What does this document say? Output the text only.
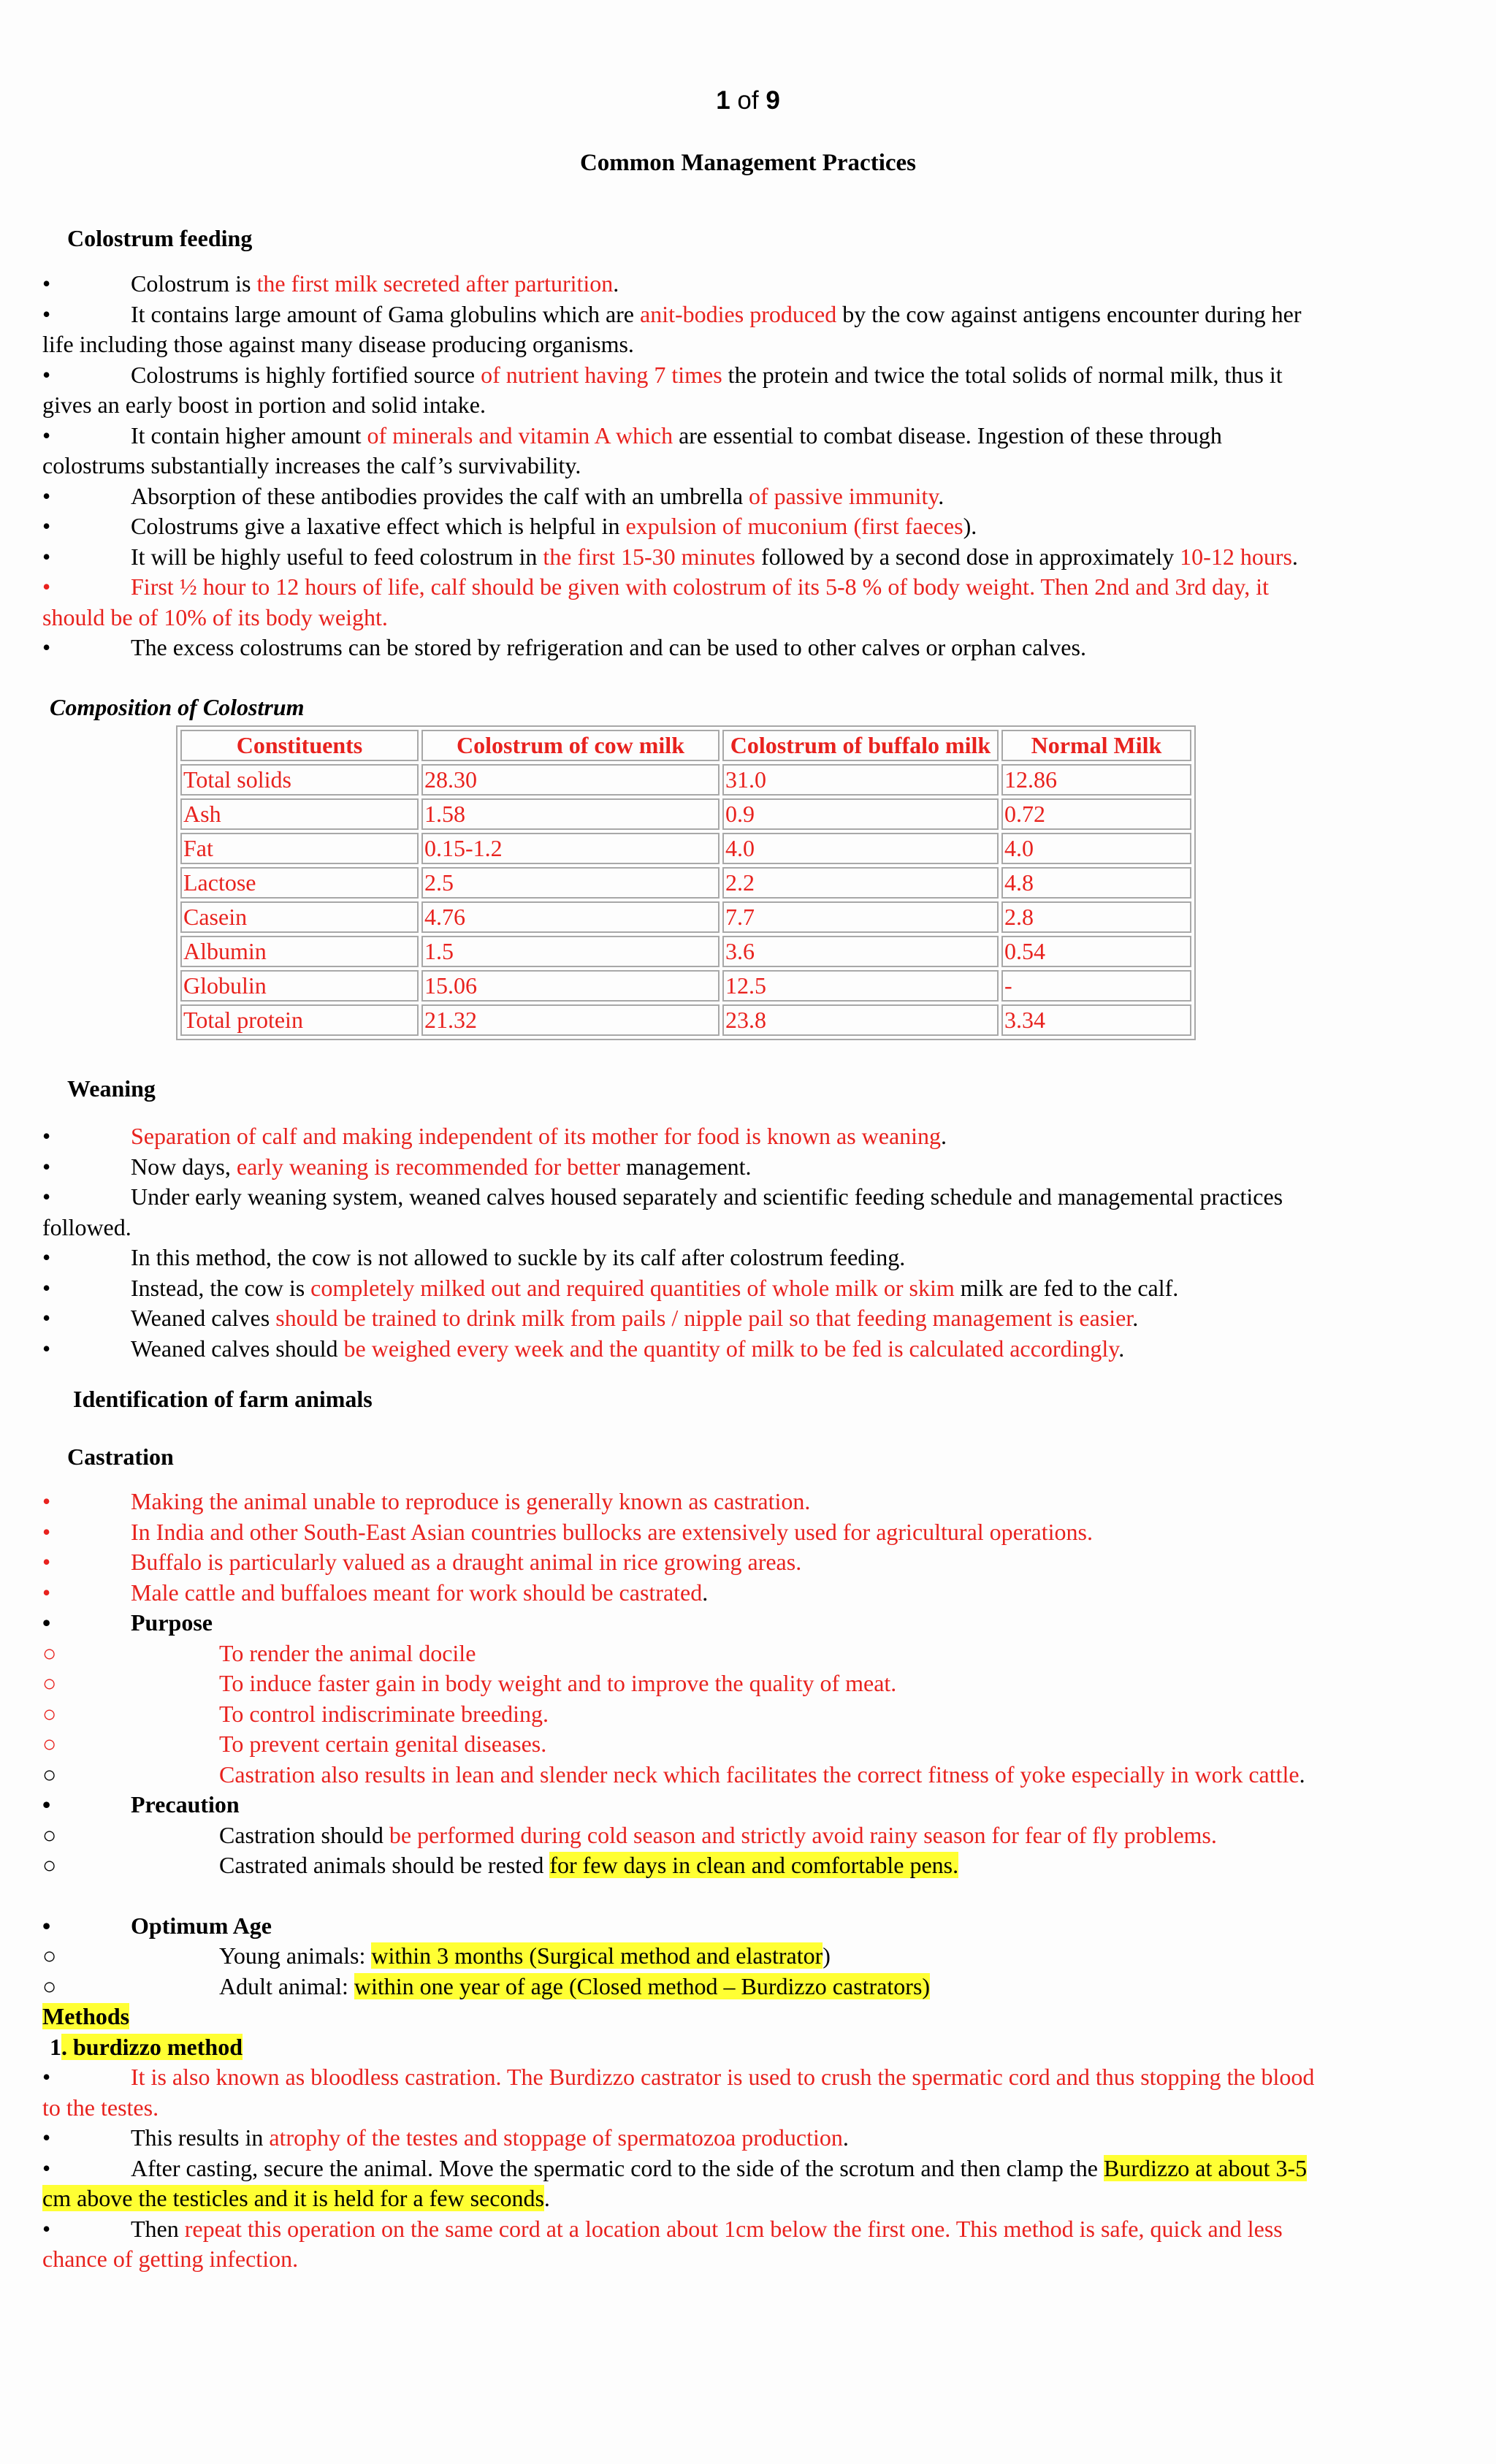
1 of 9
Common Management Practices
Colostrum feeding
•	Colostrum is the first milk secreted after parturition.
•	It contains large amount of Gama globulins which are anit-bodies produced by the cow against antigens encounter during her life including those against many disease producing organisms.
•	Colostrums is highly fortified source of nutrient having 7 times the protein and twice the total solids of normal milk, thus it gives an early boost in portion and solid intake.
•	It contain higher amount of minerals and vitamin A which are essential to combat disease. Ingestion of these through colostrums substantially increases the calf’s survivability.
•	Absorption of these antibodies provides the calf with an umbrella of passive immunity.
•	Colostrums give a laxative effect which is helpful in expulsion of muconium (first faeces).
•	It will be highly useful to feed colostrum in the first 15-30 minutes followed by a second dose in approximately 10-12 hours.
•	First ½ hour to 12 hours of life, calf should be given with colostrum of its 5-8 % of body weight. Then 2nd and 3rd day, it should be of 10% of its body weight.
•	The excess colostrums can be stored by refrigeration and can be used to other calves or orphan calves.
Composition of Colostrum
Constituents	Colostrum of cow milk	Colostrum of buffalo milk	Normal Milk
Total solids	28.30	31.0	12.86
Ash	1.58	0.9	0.72
Fat	0.15-1.2	4.0	4.0
Lactose	2.5	2.2	4.8
Casein	4.76	7.7	2.8
Albumin	1.5	3.6	0.54
Globulin	15.06	12.5	-
Total protein	21.32	23.8	3.34
Weaning
•	Separation of calf and making independent of its mother for food is known as weaning.
•	Now days, early weaning is recommended for better management.
•	Under early weaning system, weaned calves housed separately and scientific feeding schedule and managemental practices followed.
•	In this method, the cow is not allowed to suckle by its calf after colostrum feeding.
•	Instead, the cow is completely milked out and required quantities of whole milk or skim milk are fed to the calf.
•	Weaned calves should be trained to drink milk from pails / nipple pail so that feeding management is easier.
•	Weaned calves should be weighed every week and the quantity of milk to be fed is calculated accordingly.
Identification of farm animals
Castration
•	Making the animal unable to reproduce is generally known as castration.
•	In India and other South-East Asian countries bullocks are extensively used for agricultural operations.
•	Buffalo is particularly valued as a draught animal in rice growing areas.
•	Male cattle and buffaloes meant for work should be castrated.
•	Purpose
○	To render the animal docile
○	To induce faster gain in body weight and to improve the quality of meat.
○	To control indiscriminate breeding.
○	To prevent certain genital diseases.
○	Castration also results in lean and slender neck which facilitates the correct fitness of yoke especially in work cattle.
•	Precaution
○	Castration should be performed during cold season and strictly avoid rainy season for fear of fly problems.
○	Castrated animals should be rested for few days in clean and comfortable pens.
•	Optimum Age
○	Young animals: within 3 months (Surgical method and elastrator)
○	Adult animal: within one year of age (Closed method – Burdizzo castrators)
Methods
1. burdizzo method
•	It is also known as bloodless castration. The Burdizzo castrator is used to crush the spermatic cord and thus stopping the blood to the testes.
•	This results in atrophy of the testes and stoppage of spermatozoa production.
•	After casting, secure the animal. Move the spermatic cord to the side of the scrotum and then clamp the Burdizzo at about 3-5 cm above the testicles and it is held for a few seconds.
•	Then repeat this operation on the same cord at a location about 1cm below the first one. This method is safe, quick and less chance of getting infection.
